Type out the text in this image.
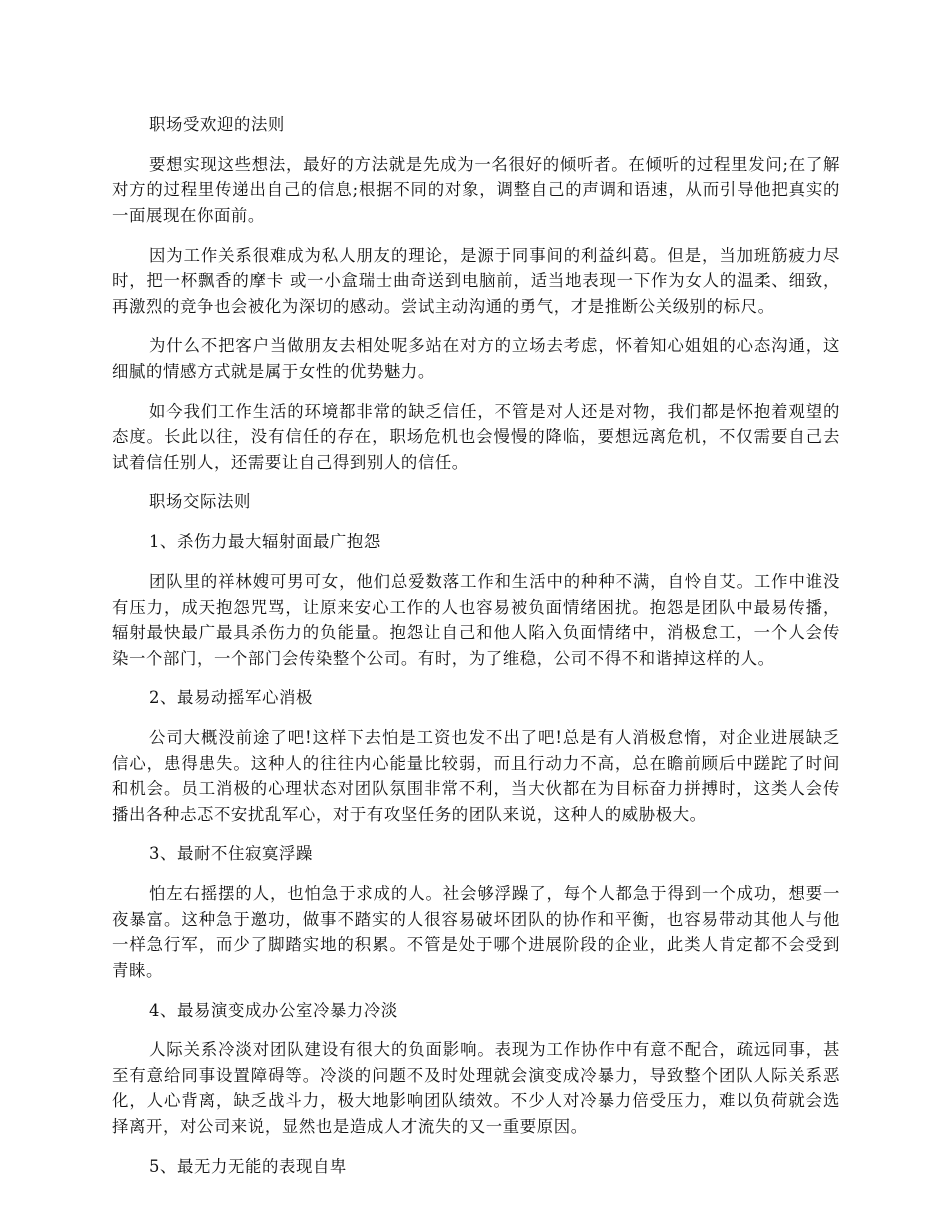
职场受欢迎的法则

要想实现这些想法，最好的方法就是先成为一名很好的倾听者。在倾听的过程里发问;在了解对方的过程里传递出自己的信息;根据不同的对象，调整自己的声调和语速，从而引导他把真实的一面展现在你面前。

因为工作关系很难成为私人朋友的理论，是源于同事间的利益纠葛。但是，当加班筋疲力尽时，把一杯飘香的摩卡 或一小盒瑞士曲奇送到电脑前，适当地表现一下作为女人的温柔、细致，再激烈的竞争也会被化为深切的感动。尝试主动沟通的勇气，才是推断公关级别的标尺。

为什么不把客户当做朋友去相处呢多站在对方的立场去考虑，怀着知心姐姐的心态沟通，这细腻的情感方式就是属于女性的优势魅力。

如今我们工作生活的环境都非常的缺乏信任，不管是对人还是对物，我们都是怀抱着观望的态度。长此以往，没有信任的存在，职场危机也会慢慢的降临，要想远离危机，不仅需要自己去试着信任别人，还需要让自己得到别人的信任。

职场交际法则

1、杀伤力最大辐射面最广抱怨

团队里的祥林嫂可男可女，他们总爱数落工作和生活中的种种不满，自怜自艾。工作中谁没有压力，成天抱怨咒骂，让原来安心工作的人也容易被负面情绪困扰。抱怨是团队中最易传播，辐射最快最广最具杀伤力的负能量。抱怨让自己和他人陷入负面情绪中，消极怠工，一个人会传染一个部门，一个部门会传染整个公司。有时，为了维稳，公司不得不和谐掉这样的人。

2、最易动摇军心消极

公司大概没前途了吧!这样下去怕是工资也发不出了吧!总是有人消极怠惰，对企业进展缺乏信心，患得患失。这种人的往往内心能量比较弱，而且行动力不高，总在瞻前顾后中蹉跎了时间和机会。员工消极的心理状态对团队氛围非常不利，当大伙都在为目标奋力拼搏时，这类人会传播出各种忐忑不安扰乱军心，对于有攻坚任务的团队来说，这种人的威胁极大。

3、最耐不住寂寞浮躁

怕左右摇摆的人，也怕急于求成的人。社会够浮躁了，每个人都急于得到一个成功，想要一夜暴富。这种急于邀功，做事不踏实的人很容易破坏团队的协作和平衡，也容易带动其他人与他一样急行军，而少了脚踏实地的积累。不管是处于哪个进展阶段的企业，此类人肯定都不会受到青睐。

4、最易演变成办公室冷暴力冷淡

人际关系冷淡对团队建设有很大的负面影响。表现为工作协作中有意不配合，疏远同事，甚至有意给同事设置障碍等。冷淡的问题不及时处理就会演变成冷暴力，导致整个团队人际关系恶化，人心背离，缺乏战斗力，极大地影响团队绩效。不少人对冷暴力倍受压力，难以负荷就会选择离开，对公司来说，显然也是造成人才流失的又一重要原因。

5、最无力无能的表现自卑
